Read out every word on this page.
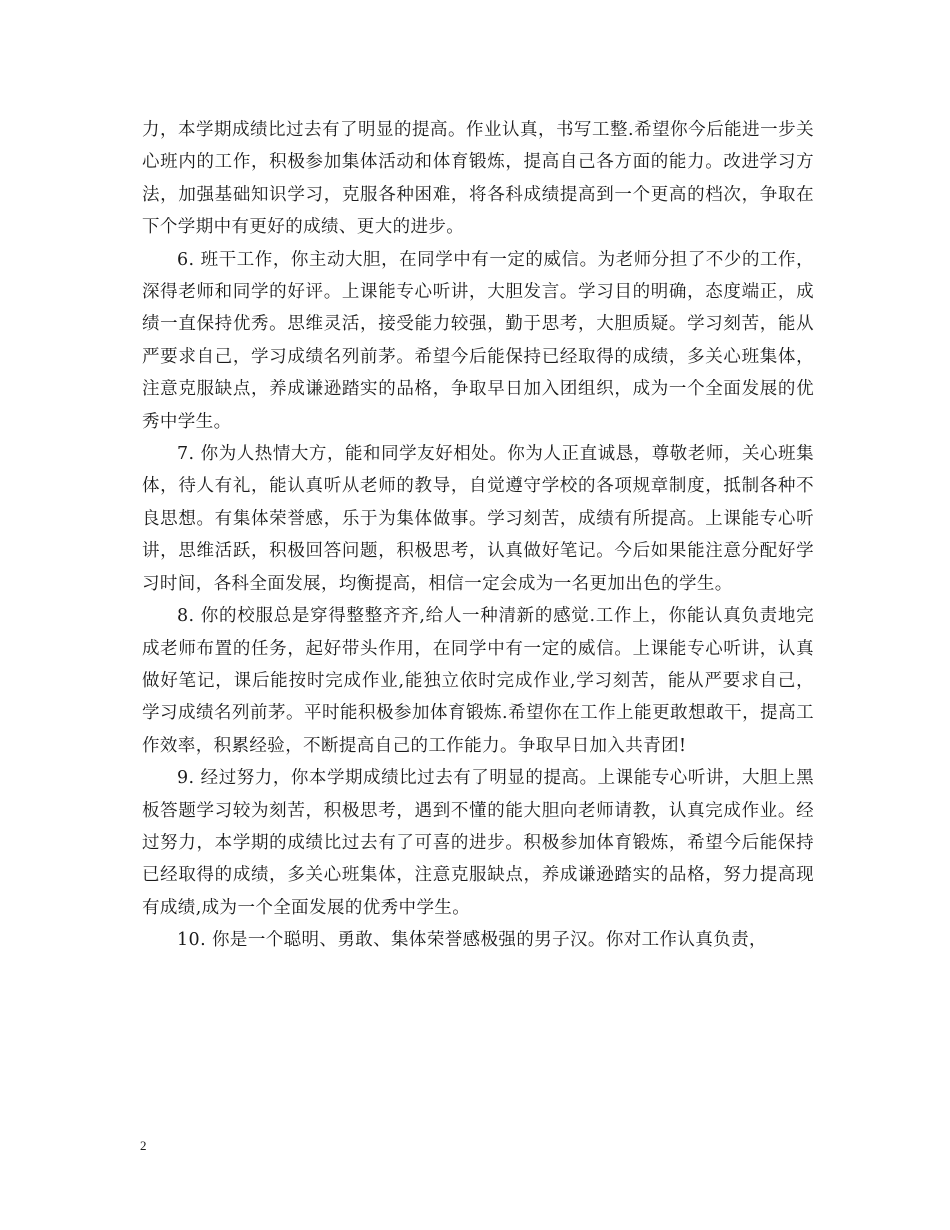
力，本学期成绩比过去有了明显的提高。作业认真，书写工整.希望你今后能进一步关心班内的工作，积极参加集体活动和体育锻炼，提高自己各方面的能力。改进学习方法，加强基础知识学习，克服各种困难，将各科成绩提高到一个更高的档次，争取在下个学期中有更好的成绩、更大的进步。

6. 班干工作，你主动大胆，在同学中有一定的威信。为老师分担了不少的工作，深得老师和同学的好评。上课能专心听讲，大胆发言。学习目的明确，态度端正，成绩一直保持优秀。思维灵活，接受能力较强，勤于思考，大胆质疑。学习刻苦，能从严要求自己，学习成绩名列前茅。希望今后能保持已经取得的成绩，多关心班集体，注意克服缺点，养成谦逊踏实的品格，争取早日加入团组织，成为一个全面发展的优秀中学生。

7. 你为人热情大方，能和同学友好相处。你为人正直诚恳，尊敬老师，关心班集体，待人有礼，能认真听从老师的教导，自觉遵守学校的各项规章制度，抵制各种不良思想。有集体荣誉感，乐于为集体做事。学习刻苦，成绩有所提高。上课能专心听讲，思维活跃，积极回答问题，积极思考，认真做好笔记。今后如果能注意分配好学习时间，各科全面发展，均衡提高，相信一定会成为一名更加出色的学生。

8. 你的校服总是穿得整整齐齐,给人一种清新的感觉.工作上，你能认真负责地完成老师布置的任务，起好带头作用，在同学中有一定的威信。上课能专心听讲，认真做好笔记，课后能按时完成作业,能独立依时完成作业,学习刻苦，能从严要求自己，学习成绩名列前茅。平时能积极参加体育锻炼.希望你在工作上能更敢想敢干，提高工作效率，积累经验，不断提高自己的工作能力。争取早日加入共青团!

9. 经过努力，你本学期成绩比过去有了明显的提高。上课能专心听讲，大胆上黑板答题学习较为刻苦，积极思考，遇到不懂的能大胆向老师请教，认真完成作业。经过努力，本学期的成绩比过去有了可喜的进步。积极参加体育锻炼，希望今后能保持已经取得的成绩，多关心班集体，注意克服缺点，养成谦逊踏实的品格，努力提高现有成绩,成为一个全面发展的优秀中学生。

10. 你是一个聪明、勇敢、集体荣誉感极强的男子汉。你对工作认真负责，

2
